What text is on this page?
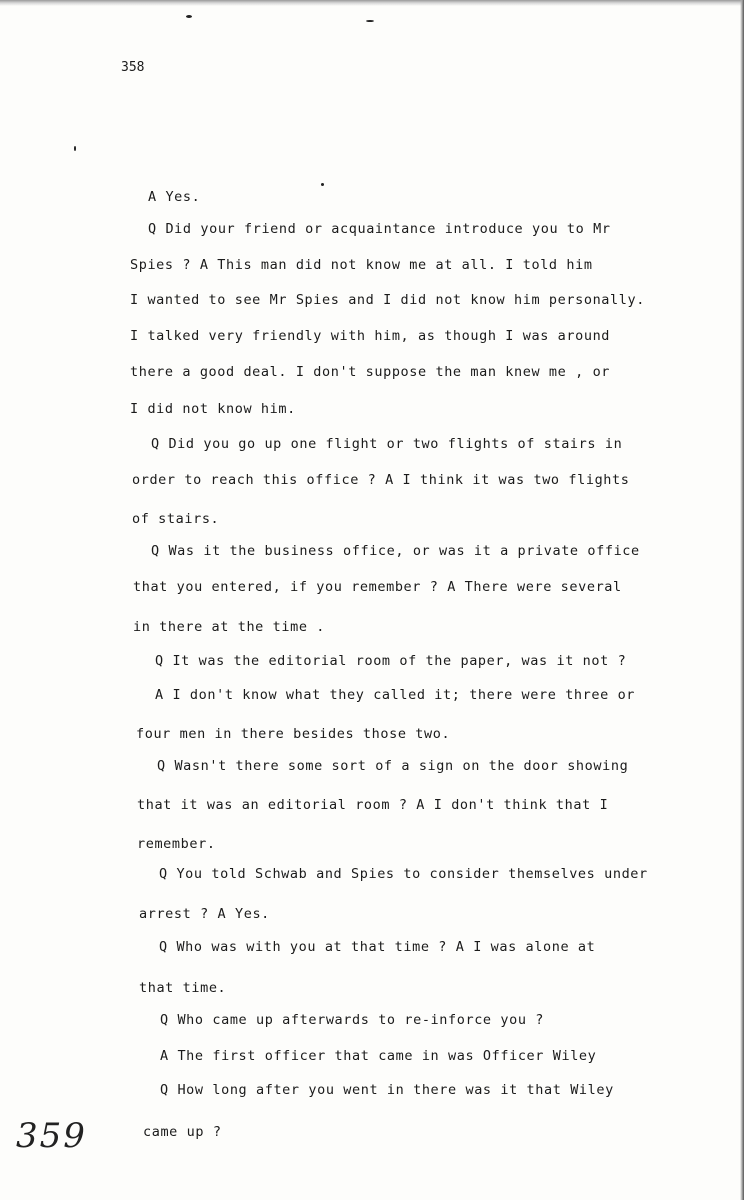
358
A Yes.
Q Did your friend or acquaintance introduce you to Mr
Spies ? A This man did not know me at all. I told him
I wanted to see Mr Spies and I did not know him personally.
I talked very friendly with him, as though I was around
there a good deal. I don't suppose the man knew me , or
I did not know him.
Q Did you go up one flight or two flights of stairs in
order to reach this office ? A I think it was two flights
of stairs.
Q Was it the business office, or was it a private office
that you entered, if you remember ? A There were several
in there at the time .
Q It was the editorial room of the paper, was it not ?
A I don't know what they called it; there were three or
four men in there besides those two.
Q Wasn't there some sort of a sign on the door showing
that it was an editorial room ? A I don't think that I
remember.
Q You told Schwab and Spies to consider themselves under
arrest ? A Yes.
Q Who was with you at that time ? A I was alone at
that time.
Q Who came up afterwards to re-inforce you ?
A The first officer that came in was Officer Wiley
Q How long after you went in there was it that Wiley
came up ?
359
